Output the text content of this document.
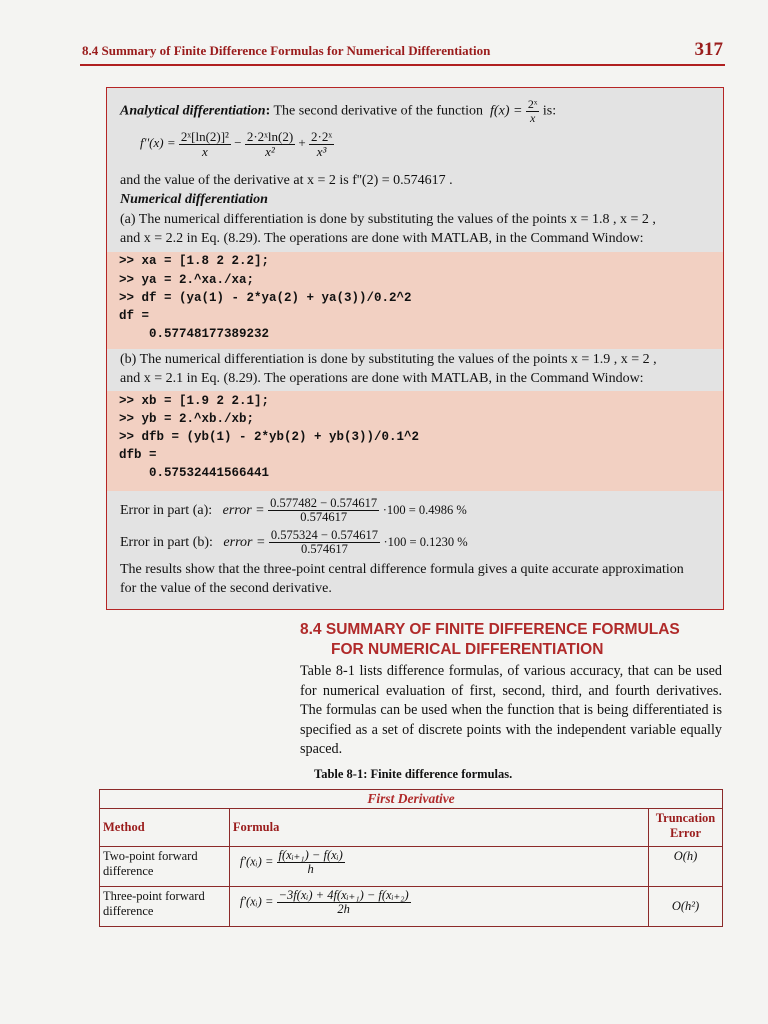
8.4 Summary of Finite Difference Formulas for Numerical Differentiation	317
Analytical differentiation: The second derivative of the function $f(x) = \frac{\text{2ˣ}}{x}$ is:
$f''(x) = \frac{\text{2ˣ[ln(2)]²}}{x} - \frac{\text{2·2ˣln(2)}}{\text{x²}} + \frac{\text{2·2ˣ}}{\text{x³}}$
and the value of the derivative at x = 2 is f''(2) = 0.574617 .
Numerical differentiation
(a) The numerical differentiation is done by substituting the values of the points x = 1.8 , x = 2 ,
and x = 2.2 in Eq. (8.29). The operations are done with MATLAB, in the Command Window:
>> xa = [1.8 2 2.2];
>> ya = 2.^xa./xa;
>> df = (ya(1) - 2*ya(2) + ya(3))/0.2^2
df =
0.57748177389232
(b) The numerical differentiation is done by substituting the values of the points x = 1.9 , x = 2 ,
and x = 2.1 in Eq. (8.29). The operations are done with MATLAB, in the Command Window:
>> xb = [1.9 2 2.1];
>> yb = 2.^xb./xb;
>> dfb = (yb(1) - 2*yb(2) + yb(3))/0.1^2
dfb =
0.57532441566441
Error in part (a): error = $\frac{0.577482 - 0.574617}{0.574617} \cdot 100 = 0.4986$ %
Error in part (b): error = $\frac{0.575324 - 0.574617}{0.574617} \cdot 100 = 0.1230$ %
The results show that the three-point central difference formula gives a quite accurate approximation
for the value of the second derivative.
8.4 SUMMARY OF FINITE DIFFERENCE FORMULAS
FOR NUMERICAL DIFFERENTIATION
Table 8-1 lists difference formulas, of various accuracy, that can be used for numerical evaluation of first, second, third, and fourth derivatives. The formulas can be used when the function that is being differentiated is specified as a set of discrete points with the independent variable equally spaced.
Table 8-1: Finite difference formulas.
First Derivative		
Method	Formula	Truncation Error
Two-point forward difference	f'(xᵢ) = $\frac{\text{f(xᵢ₊₁) − f(xᵢ)}}{h}$	O(h)
Three-point forward difference	f'(xᵢ) = $\frac{\text{−3f(xᵢ) + 4f(xᵢ₊₁) − f(xᵢ₊₂)}}{2h}$	O(h²)
